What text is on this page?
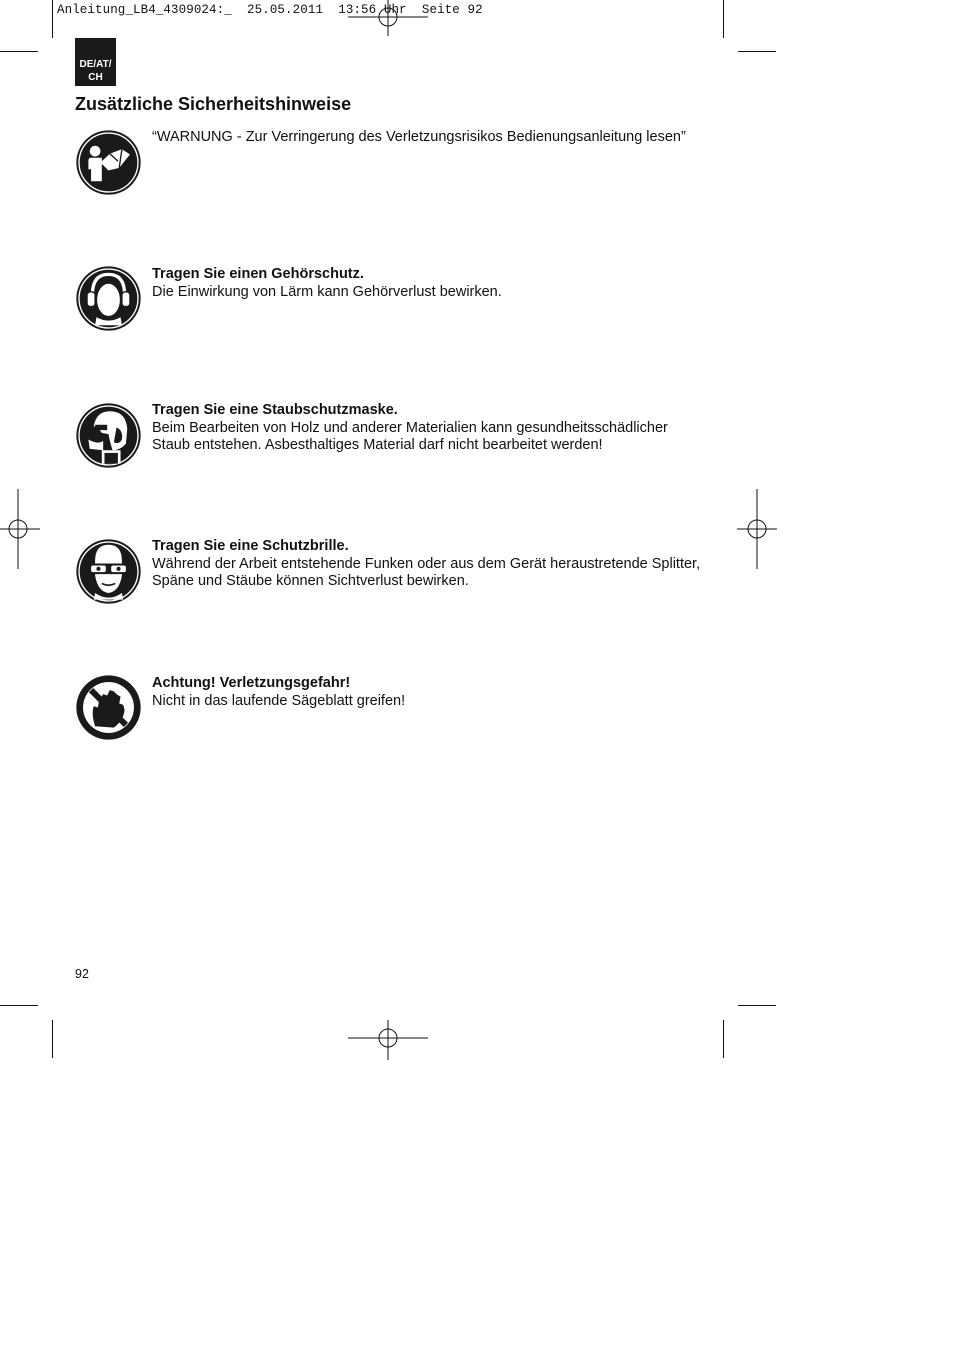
Anleitung_LB4_4309024:_ 25.05.2011 13:56 Uhr Seite 92
DE/AT/
CH
Zusätzliche Sicherheitshinweise
“WARNUNG - Zur Verringerung des Verletzungsrisikos Bedienungsanleitung lesen”
Tragen Sie einen Gehörschutz.
Die Einwirkung von Lärm kann Gehörverlust bewirken.
Tragen Sie eine Staubschutzmaske.
Beim Bearbeiten von Holz und anderer Materialien kann gesundheitsschädlicher
Staub entstehen. Asbesthaltiges Material darf nicht bearbeitet werden!
Tragen Sie eine Schutzbrille.
Während der Arbeit entstehende Funken oder aus dem Gerät heraustretende Splitter,
Späne und Stäube können Sichtverlust bewirken.
Achtung! Verletzungsgefahr!
Nicht in das laufende Sägeblatt greifen!
92
